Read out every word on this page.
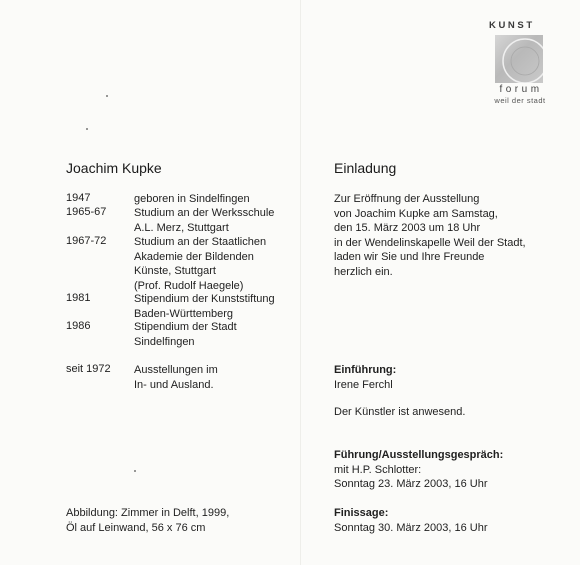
KUNST
forum
weil der stadt
Joachim Kupke
1947	geboren in Sindelfingen
1965-67	Studium an der Werksschule
A.L. Merz, Stuttgart
1967-72	Studium an der Staatlichen
Akademie der Bildenden
Künste, Stuttgart
(Prof. Rudolf Haegele)
1981	Stipendium der Kunststiftung
Baden-Württemberg
1986	Stipendium der Stadt
Sindelfingen
seit 1972 Ausstellungen im
In- und Ausland.
Abbildung: Zimmer in Delft, 1999,
Öl auf Leinwand, 56 x 76 cm
Einladung
Zur Eröffnung der Ausstellung
von Joachim Kupke am Samstag,
den 15. März 2003 um 18 Uhr
in der Wendelinskapelle Weil der Stadt,
laden wir Sie und Ihre Freunde
herzlich ein.
Einführung:
Irene Ferchl
Der Künstler ist anwesend.
Führung/Ausstellungsgespräch:
mit H.P. Schlotter:
Sonntag 23. März 2003, 16 Uhr
Finissage:
Sonntag 30. März 2003, 16 Uhr
